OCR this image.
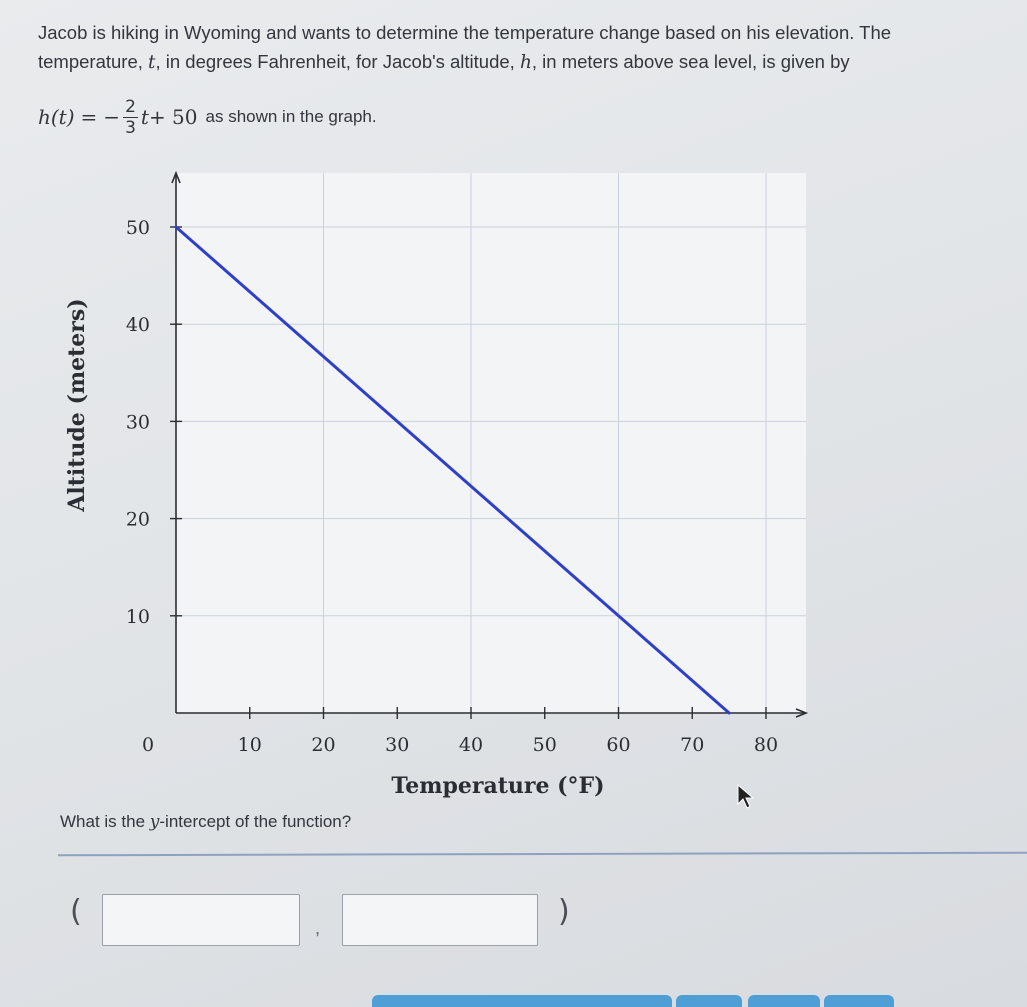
Jacob is hiking in Wyoming and wants to determine the temperature change based on his elevation. The
temperature, t, in degrees Fahrenheit, for Jacob's altitude, h, in meters above sea level, is given by
h(t) = − $\frac{2}{3}$ t + 50 as shown in the graph.
10
20
30
40
50
0	10	20	30	40	50	60	70	80
Temperature (°F)
Altitude (meters)
What is the y-intercept of the function?
(	,	)
